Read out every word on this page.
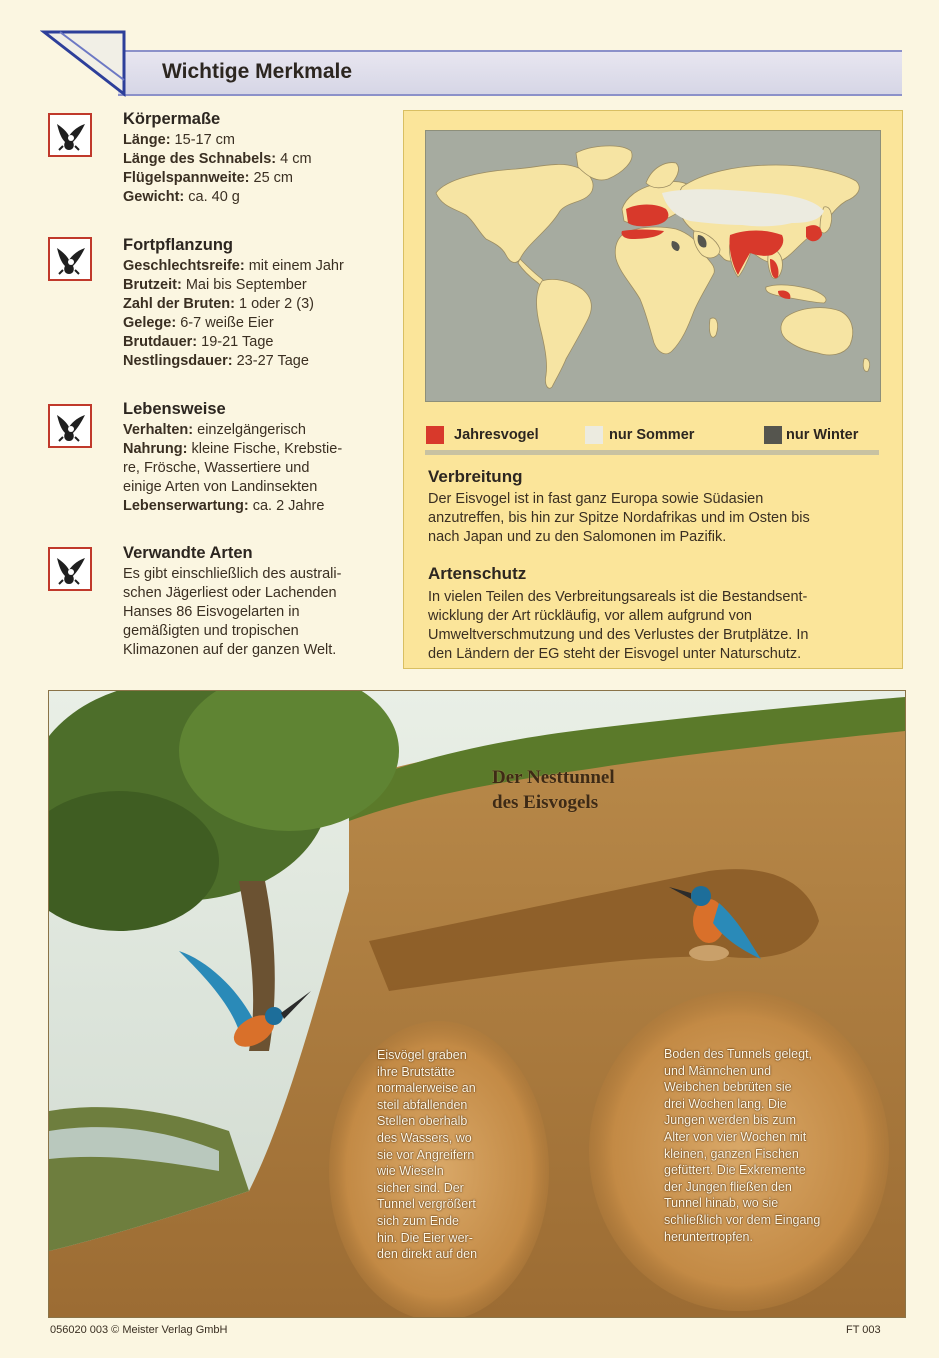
Wichtige Merkmale
Körpermaße
Länge: 15-17 cm
Länge des Schnabels: 4 cm
Flügelspannweite: 25 cm
Gewicht: ca. 40 g
Fortpflanzung
Geschlechtsreife: mit einem Jahr
Brutzeit: Mai bis September
Zahl der Bruten: 1 oder 2 (3)
Gelege: 6-7 weiße Eier
Brutdauer: 19-21 Tage
Nestlingsdauer: 23-27 Tage
Lebensweise
Verhalten: einzelgängerisch
Nahrung: kleine Fische, Krebstie-
re, Frösche, Wassertiere und
einige Arten von Landinsekten
Lebenserwartung: ca. 2 Jahre
Verwandte Arten
Es gibt einschließlich des australi-
schen Jägerliest oder Lachenden
Hanses 86 Eisvogelarten in
gemäßigten und tropischen
Klimazonen auf der ganzen Welt.
Jahresvogel	nur Sommer	nur Winter
Verbreitung
Der Eisvogel ist in fast ganz Europa sowie Südasien
anzutreffen, bis hin zur Spitze Nordafrikas und im Osten bis
nach Japan und zu den Salomonen im Pazifik.
Artenschutz
In vielen Teilen des Verbreitungsareals ist die Bestandsent-
wicklung der Art rückläufig, vor allem aufgrund von
Umweltverschmutzung und des Verlustes der Brutplätze. In
den Ländern der EG steht der Eisvogel unter Naturschutz.
Der Nesttunnel
des Eisvogels
Eisvögel graben
ihre Brutstätte
normalerweise an
steil abfallenden
Stellen oberhalb
des Wassers, wo
sie vor Angreifern
wie Wieseln
sicher sind. Der
Tunnel vergrößert
sich zum Ende
hin. Die Eier wer-
den direkt auf den
Boden des Tunnels gelegt,
und Männchen und
Weibchen bebrüten sie
drei Wochen lang. Die
Jungen werden bis zum
Alter von vier Wochen mit
kleinen, ganzen Fischen
gefüttert. Die Exkremente
der Jungen fließen den
Tunnel hinab, wo sie
schließlich vor dem Eingang
heruntertropfen.
056020 003 © Meister Verlag GmbH	FT 003
